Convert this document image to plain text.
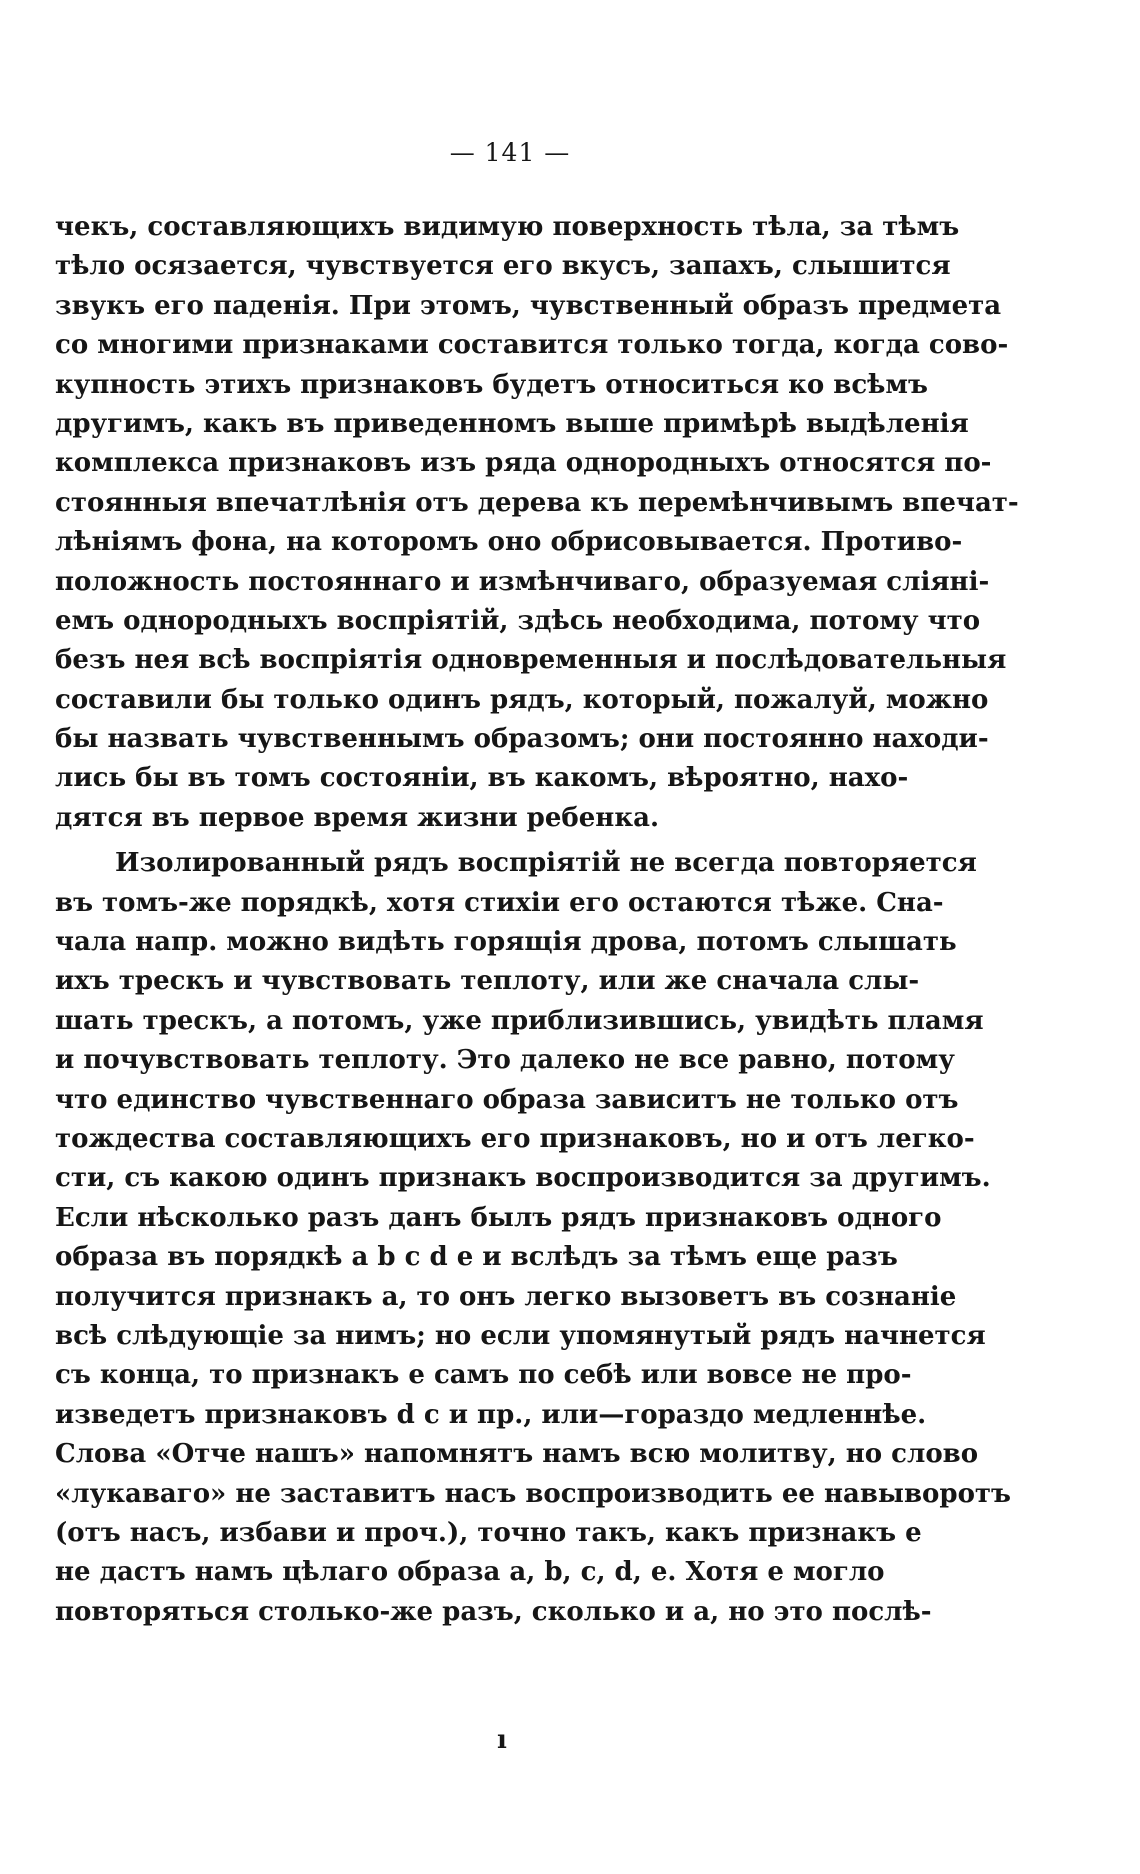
— 141 —
чекъ, составляющихъ видимую поверхность тѣла, за тѣмъ
тѣло осязается, чувствуется его вкусъ, запахъ, слышится
звукъ его паденія. При этомъ, чувственный образъ предмета
со многими признаками составится только тогда, когда сово-
купность этихъ признаковъ будетъ относиться ко всѣмъ
другимъ, какъ въ приведенномъ выше примѣрѣ выдѣленія
комплекса признаковъ изъ ряда однородныхъ относятся по-
стоянныя впечатлѣнія отъ дерева къ перемѣнчивымъ впечат-
лѣніямъ фона, на которомъ оно обрисовывается. Противо-
положность постояннаго и измѣнчиваго, образуемая сліяні-
емъ однородныхъ воспріятій, здѣсь необходима, потому что
безъ нея всѣ воспріятія одновременныя и послѣдовательныя
составили бы только одинъ рядъ, который, пожалуй, можно
бы назвать чувственнымъ образомъ; они постоянно находи-
лись бы въ томъ состояніи, въ какомъ, вѣроятно, нахо-
дятся въ первое время жизни ребенка.
Изолированный рядъ воспріятій не всегда повторяется
въ томъ-же порядкѣ, хотя стихіи его остаются тѣже. Сна-
чала напр. можно видѣть горящія дрова, потомъ слышать
ихъ трескъ и чувствовать теплоту, или же сначала слы-
шать трескъ, а потомъ, уже приблизившись, увидѣть пламя
и почувствовать теплоту. Это далеко не все равно, потому
что единство чувственнаго образа зависитъ не только отъ
тождества составляющихъ его признаковъ, но и отъ легко-
сти, съ какою одинъ признакъ воспроизводится за другимъ.
Если нѣсколько разъ данъ былъ рядъ признаковъ одного
образа въ порядкѣ a b c d e и вслѣдъ за тѣмъ еще разъ
получится признакъ a, то онъ легко вызоветъ въ сознаніе
всѣ слѣдующіе за нимъ; но если упомянутый рядъ начнется
съ конца, то признакъ e самъ по себѣ или вовсе не про-
изведетъ признаковъ d c и пр., или—гораздо медленнѣе.
Слова «Отче нашъ» напомнятъ намъ всю молитву, но слово
«лукаваго» не заставитъ насъ воспроизводить ее навыворотъ
(отъ насъ, избави и проч.), точно такъ, какъ признакъ e
не дастъ намъ цѣлаго образа a, b, c, d, e. Хотя e могло
повторяться столько-же разъ, сколько и a, но это послѣ-
ı
